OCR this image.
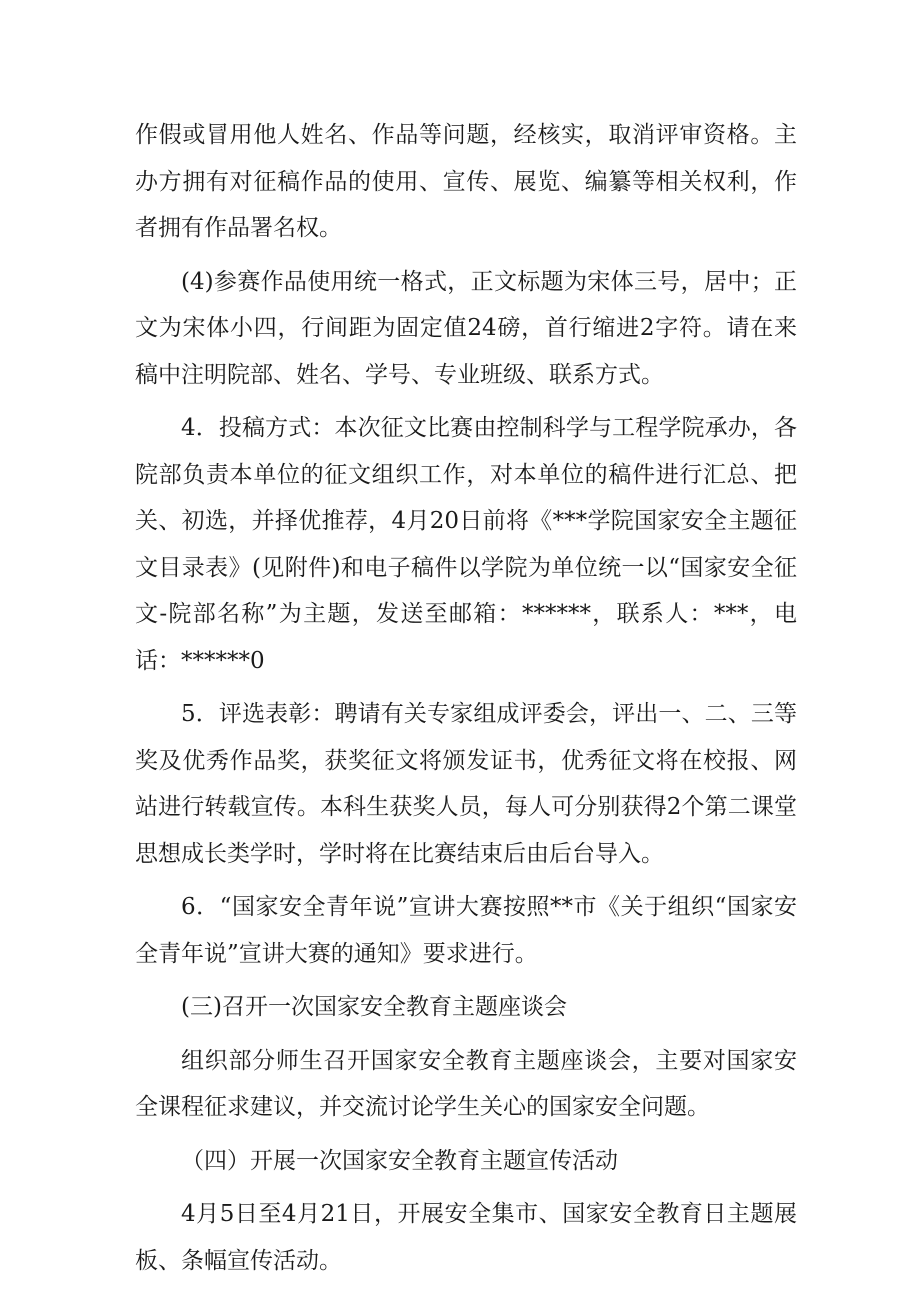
作假或冒用他人姓名、作品等问题，经核实，取消评审资格。主办方拥有对征稿作品的使用、宣传、展览、编纂等相关权利，作者拥有作品署名权。

(4)参赛作品使用统一格式，正文标题为宋体三号，居中；正文为宋体小四，行间距为固定值24磅，首行缩进2字符。请在来稿中注明院部、姓名、学号、专业班级、联系方式。

4．投稿方式：本次征文比赛由控制科学与工程学院承办，各院部负责本单位的征文组织工作，对本单位的稿件进行汇总、把关、初选，并择优推荐，4月20日前将《***学院国家安全主题征文目录表》(见附件)和电子稿件以学院为单位统一以“国家安全征文-院部名称”为主题，发送至邮箱：******，联系人：***，电话：******0

5．评选表彰：聘请有关专家组成评委会，评出一、二、三等奖及优秀作品奖，获奖征文将颁发证书，优秀征文将在校报、网站进行转载宣传。本科生获奖人员，每人可分别获得2个第二课堂思想成长类学时，学时将在比赛结束后由后台导入。

6．“国家安全青年说”宣讲大赛按照**市《关于组织“国家安全青年说”宣讲大赛的通知》要求进行。

(三)召开一次国家安全教育主题座谈会

组织部分师生召开国家安全教育主题座谈会，主要对国家安全课程征求建议，并交流讨论学生关心的国家安全问题。

（四）开展一次国家安全教育主题宣传活动

4月5日至4月21日，开展安全集市、国家安全教育日主题展板、条幅宣传活动。
